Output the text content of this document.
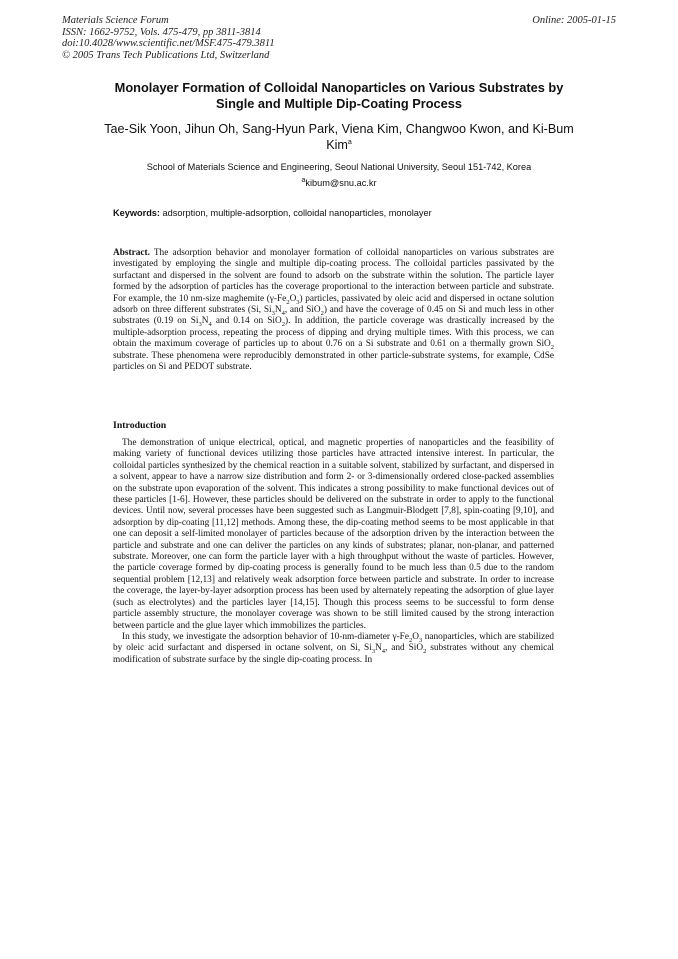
Materials Science Forum
ISSN: 1662-9752, Vols. 475-479, pp 3811-3814
doi:10.4028/www.scientific.net/MSF.475-479.3811
© 2005 Trans Tech Publications Ltd, Switzerland
Online: 2005-01-15
Monolayer Formation of Colloidal Nanoparticles on Various Substrates by Single and Multiple Dip-Coating Process
Tae-Sik Yoon, Jihun Oh, Sang-Hyun Park, Viena Kim, Changwoo Kwon, and Ki-Bum Kim$^a$
School of Materials Science and Engineering, Seoul National University, Seoul 151-742, Korea
$^a$kibum@snu.ac.kr
Keywords: adsorption, multiple-adsorption, colloidal nanoparticles, monolayer
Abstract. The adsorption behavior and monolayer formation of colloidal nanoparticles on various substrates are investigated by employing the single and multiple dip-coating process. The colloidal particles passivated by the surfactant and dispersed in the solvent are found to adsorb on the substrate within the solution. The particle layer formed by the adsorption of particles has the coverage proportional to the interaction between particle and substrate. For example, the 10 nm-size maghemite $(\gamma-Fe_2O_3)$ particles, passivated by oleic acid and dispersed in octane solution adsorb on three different substrates (Si, $Si_3N_4$, and SiO$_2$) and have the coverage of 0.45 on Si and much less in other substrates (0.19 on $Si_3N_4$ and 0.14 on SiO$_2$). In addition, the particle coverage was drastically increased by the multiple-adsorption process, repeating the process of dipping and drying multiple times. With this process, we can obtain the maximum coverage of particles up to about 0.76 on a Si substrate and 0.61 on a thermally grown SiO$_2$ substrate. These phenomena were reproducibly demonstrated in other particle-substrate systems, for example, CdSe particles on Si and PEDOT substrate.
Introduction

The demonstration of unique electrical, optical, and magnetic properties of nanoparticles and the feasibility of making variety of functional devices utilizing those particles have attracted intensive interest. In particular, the colloidal particles synthesized by the chemical reaction in a suitable solvent, stabilized by surfactant, and dispersed in a solvent, appear to have a narrow size distribution and form 2- or 3-dimensionally ordered close-packed assemblies on the substrate upon evaporation of the solvent. This indicates a strong possibility to make functional devices out of these particles [1-6]. However, these particles should be delivered on the substrate in order to apply to the functional devices. Until now, several processes have been suggested such as Langmuir-Blodgett [7,8], spin-coating [9,10], and adsorption by dip-coating [11,12] methods. Among these, the dip-coating method seems to be most applicable in that one can deposit a self-limited monolayer of particles because of the adsorption driven by the interaction between the particle and substrate and one can deliver the particles on any kinds of substrates; planar, non-planar, and patterned substrate. Moreover, one can form the particle layer with a high throughput without the waste of particles. However, the particle coverage formed by dip-coating process is generally found to be much less than 0.5 due to the random sequential problem [12,13] and relatively weak adsorption force between particle and substrate. In order to increase the coverage, the layer-by-layer adsorption process has been used by alternately repeating the adsorption of glue layer (such as electrolytes) and the particles layer [14,15]. Though this process seems to be successful to form dense particle assembly structure, the monolayer coverage was shown to be still limited caused by the strong interaction between particle and the glue layer which immobilizes the particles.

In this study, we investigate the adsorption behavior of 10-nm-diameter $\gamma-Fe_2O_3$ nanoparticles, which are stabilized by oleic acid surfactant and dispersed in octane solvent, on Si, $Si_3N_4$, and SiO$_2$ substrates without any chemical modification of substrate surface by the single dip-coating process. In
